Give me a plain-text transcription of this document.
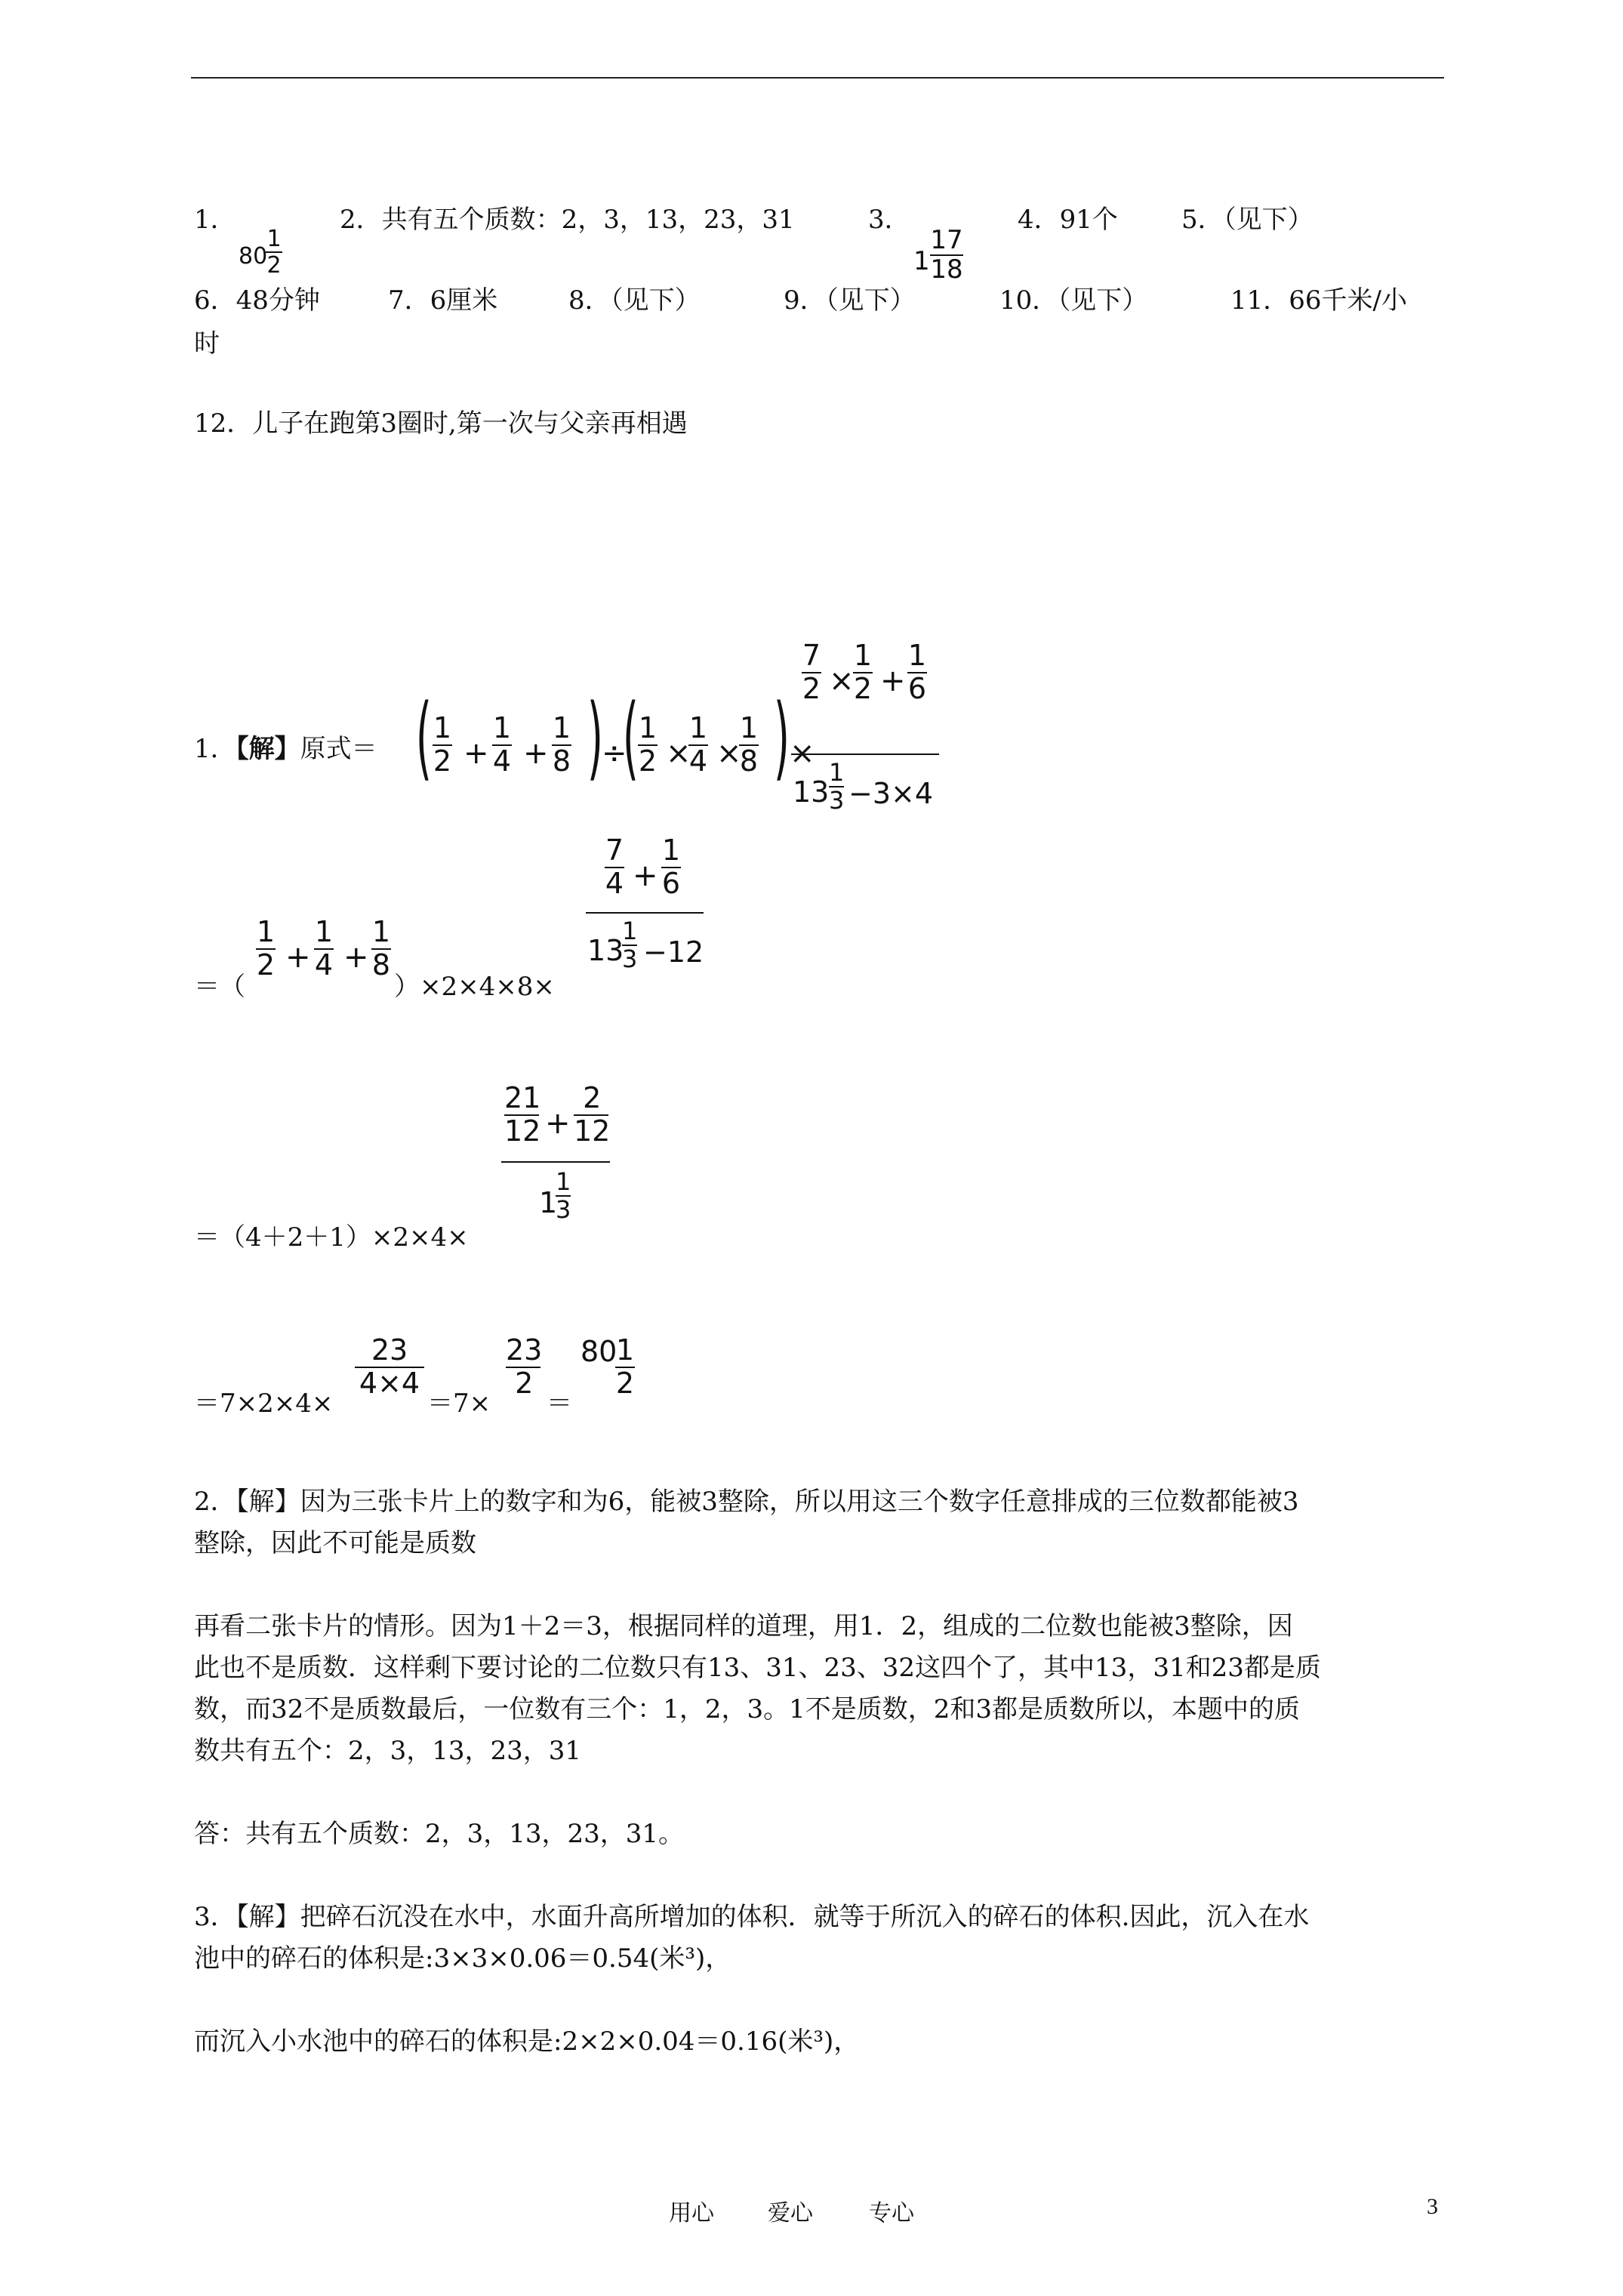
1．
80
1
2
2．共有五个质数：2，3，13，23，31	3．
1
17
18
4．91个 5．（见下）
6．48分钟	7．6厘米	8．（见下）	9．（见下）	10．（见下）	11．66千米/小
时
12．儿子在跑第3圈时,第一次与父亲再相遇
1．【解】原式＝ ( 1
2 +
1
4 +
1
8 )
÷
( 1
2 ×
1
4 ×
1
8 ) ×
7
2 ×
1
2 +
1
6
13
1
3 −3×4
＝（
1
2 +
1
4 +
1
8
）×2×4×8×
7
4 +
1
6
13
1
3 −12
＝（4＋2＋1）×2×4×
21
12 +
2
12
1
1
3
＝7×2×4×
23
4×4
＝7×
23
2
＝
80
1
2
2．【解】因为三张卡片上的数字和为6，能被3整除，所以用这三个数字任意排成的三位数都能被3
整除，因此不可能是质数
再看二张卡片的情形。因为1＋2＝3，根据同样的道理，用1．2，组成的二位数也能被3整除，因
此也不是质数．这样剩下要讨论的二位数只有13、31、23、32这四个了，其中13，31和23都是质
数，而32不是质数最后，一位数有三个：1，2，3。1不是质数，2和3都是质数所以，本题中的质
数共有五个：2，3，13，23，31
答：共有五个质数：2，3，13，23，31。
3．【解】把碎石沉没在水中，水面升高所增加的体积．就等于所沉入的碎石的体积.因此，沉入在水
池中的碎石的体积是:3×3×0.06＝0.54(米³)，
而沉入小水池中的碎石的体积是:2×2×0.04＝0.16(米³)，
用心 爱心 专心	3
